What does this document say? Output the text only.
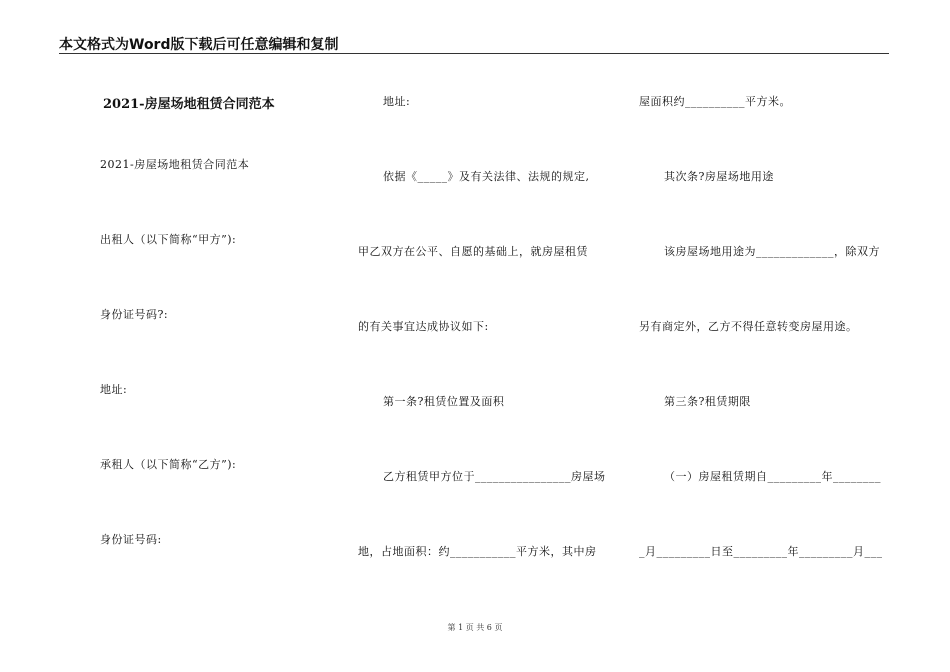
本文格式为Word版下载后可任意编辑和复制
2021-房屋场地租赁合同范本
2021-房屋场地租赁合同范本
出租人（以下简称“甲方”):
身份证号码?:
地址:
承租人（以下简称“乙方”):
身份证号码:
地址:
依据《_____》及有关法律、法规的规定,
甲乙双方在公平、自愿的基础上，就房屋租赁
的有关事宜达成协议如下:
第一条?租赁位置及面积
乙方租赁甲方位于________________房屋场
地，占地面积：约___________平方米，其中房
屋面积约__________平方米。
其次条?房屋场地用途
该房屋场地用途为_____________，除双方
另有商定外，乙方不得任意转变房屋用途。
第三条?租赁期限
（一）房屋租赁期自_________年________
_月_________日至_________年_________月___
第 1 页 共 6 页
